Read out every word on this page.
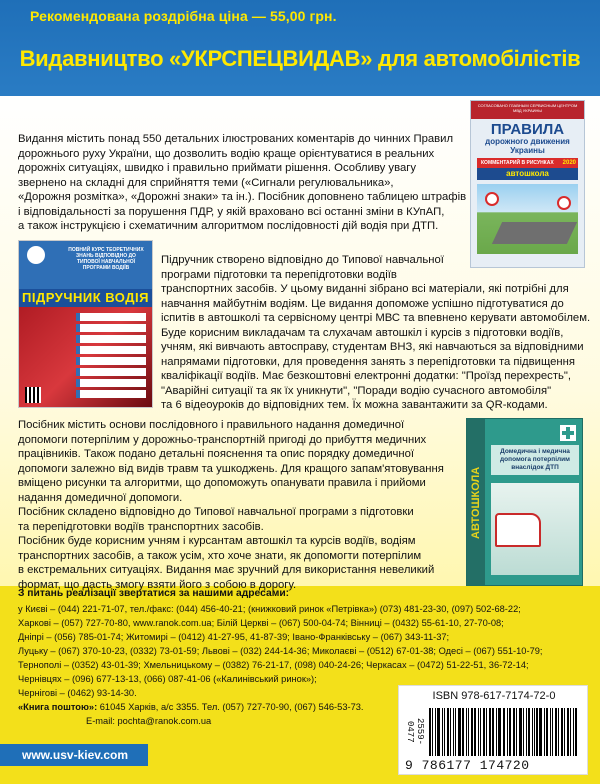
Рекомендована роздрібна ціна — 55,00 грн.
Видавництво «УКРСПЕЦВИДАВ» для автомобілістів
СОГЛАСОВАНО ГЛАВНЫМ СЕРВИСНЫМ ЦЕНТРОМ МВД УКРАИНЫ
ПРАВИЛА
дорожного движения Украины
КОММЕНТАРИЙ В РИСУНКАХ 2020
автошкола
Видання містить понад 550 детальних ілюстрованих коментарів до чинних Правил
дорожнього руху України, що дозволить водію краще орієнтуватися в реальних
дорожніх ситуаціях, швидко і правильно приймати рішення. Особливу увагу
звернено на складні для сприйняття теми («Сигнали регулювальника»,
«Дорожня розмітка», «Дорожні знаки» та ін.). Посібник доповнено таблицею штрафів
і відповідальності за порушення ПДР, у якій враховано всі останні зміни в КУпАП,
а також інструкцією і схематичним алгоритмом послідовності дій водія при ДТП.
ПОВНИЙ КУРС ТЕОРЕТИЧНИХ ЗНАНЬ ВІДПОВІДНО ДО ТИПОВОЇ НАВЧАЛЬНОЇ ПРОГРАМИ ВОДІЇВ
ПІДРУЧНИК ВОДІЯ
Підручник створено відповідно до Типової навчальної
програми підготовки та перепідготовки водіїв
транспортних засобів. У цьому виданні зібрано всі матеріали, які потрібні для
навчання майбутнім водіям. Це видання допоможе успішно підготуватися до
іспитів в автошколі та сервісному центрі МВС та впевнено керувати автомобілем.
Буде корисним викладачам та слухачам автошкіл і курсів з підготовки водіїв,
учням, які вивчають автосправу, студентам ВНЗ, які навчаються за відповідними
напрямами підготовки, для проведення занять з перепідготовки та підвищення
кваліфікації водіїв. Має безкоштовні електронні додатки: "Проїзд перехресть",
"Аварійні ситуації та як їх уникнути", "Поради водію сучасного автомобіля"
та 6 відеоуроків до відповідних тем. Їх можна завантажити за QR-кодами.
АВТОШКОЛА
Домедична і медична допомога потерпілим внаслідок ДТП
Посібник містить основи послідовного і правильного надання домедичної
допомоги потерпілим у дорожньо-транспортній пригоді до прибуття медичних
працівників. Також подано детальні пояснення та опис порядку домедичної
допомоги залежно від видів травм та ушкоджень. Для кращого запам'ятовування
вміщено рисунки та алгоритми, що допоможуть опанувати правила і прийоми
надання домедичної допомоги.
Посібник складено відповідно до Типової навчальної програми з підготовки
та перепідготовки водіїв транспортних засобів.
Посібник буде корисним учням і курсантам автошкіл та курсів водіїв, водіям
транспортних засобів, а також усім, хто хоче знати, як допомогти потерпілим
в екстремальних ситуаціях. Видання має зручний для використання невеликий
формат, що дасть змогу взяти його з собою в дорогу.
З питань реалізації звертатися за нашими адресами:
у Києві – (044) 221-71-07, тел./факс: (044) 456-40-21; (книжковий ринок «Петрівка») (073) 481-23-30, (097) 502-68-22;
Харкові – (057) 727-70-80, www.ranok.com.ua; Білій Церкві – (067) 500-04-74; Вінниці – (0432) 55-61-10, 27-70-08;
Дніпрі – (056) 785-01-74; Житомирі – (0412) 41-27-95, 41-87-39; Івано-Франківську – (067) 343-11-37;
Луцьку – (067) 370-10-23, (0332) 73-01-59; Львові – (032) 244-14-36; Миколаєві – (0512) 67-01-38; Одесі – (067) 551-10-79;
Тернополі – (0352) 43-01-39; Хмельницькому – (0382) 76-21-17, (098) 040-24-26; Черкасах – (0472) 51-22-51, 36-72-14;
Чернівцях – (096) 677-13-13, (066) 087-41-06 («Калинівський ринок»);
Чернігові – (0462) 93-14-30.
«Книга поштою»: 61045 Харків, а/с 3355. Тел. (057) 727-70-90, (067) 546-53-73.
E-mail: pochta@ranok.com.ua
ISBN 978-617-7174-72-0
2559-0477
9 786177 174720
www.usv-kiev.com
